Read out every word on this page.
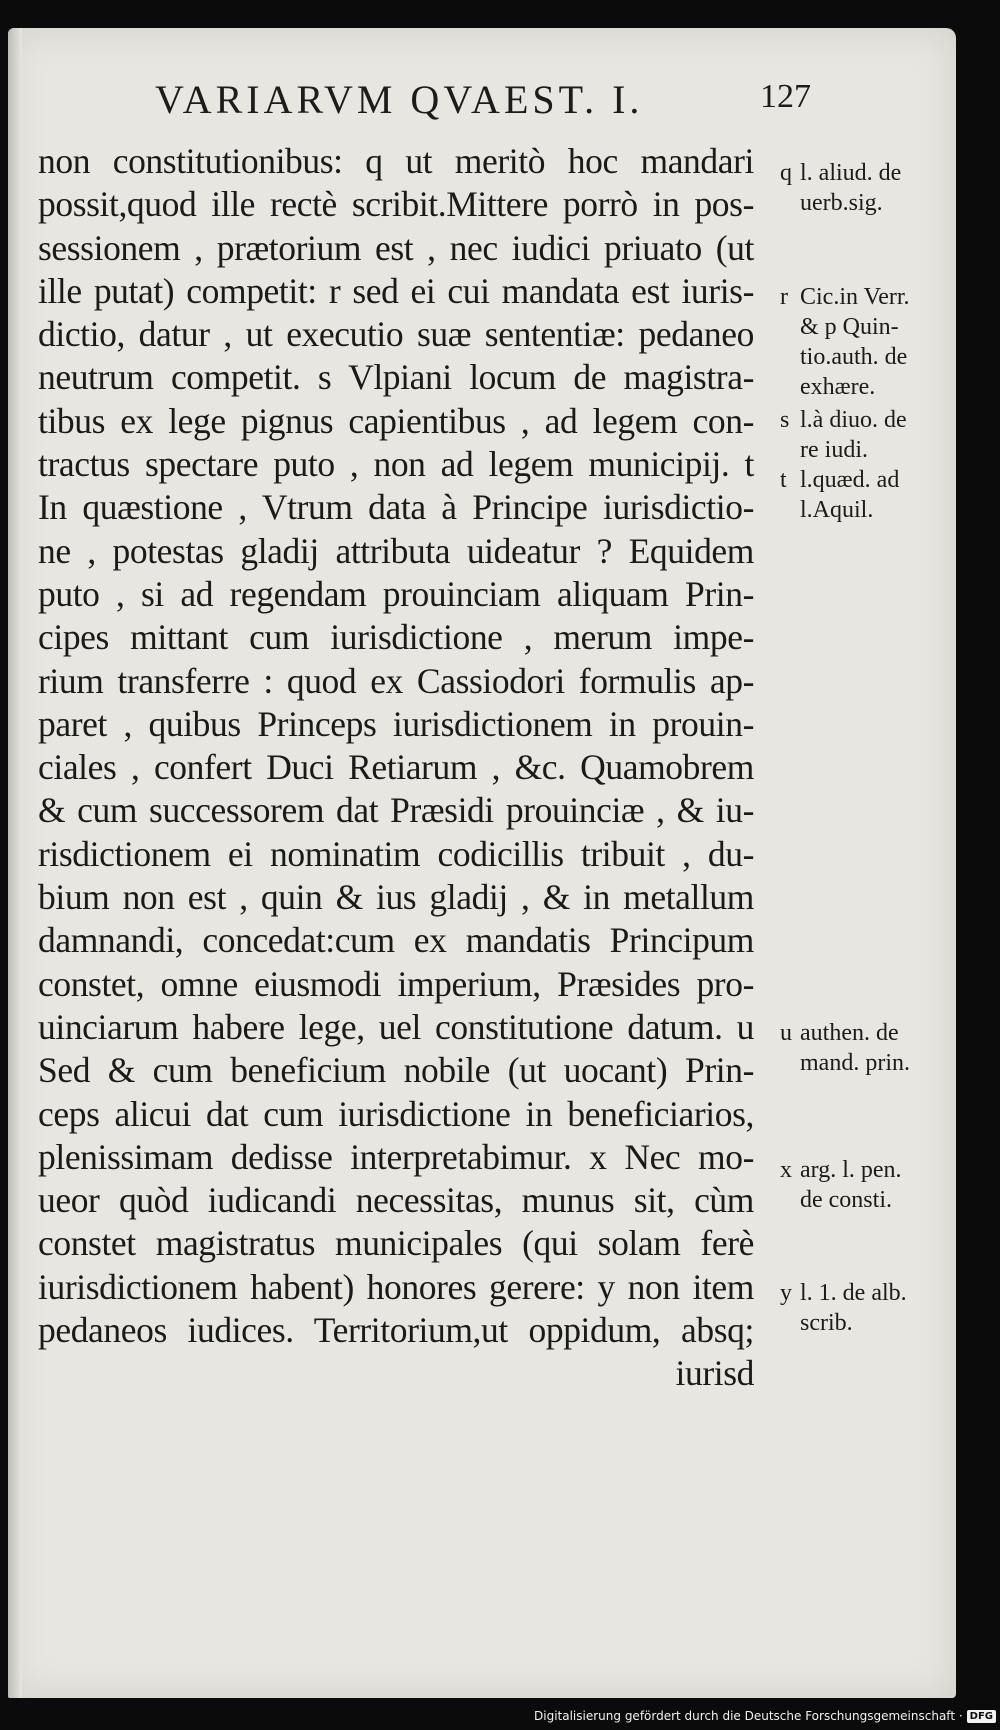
VARIARVM QVAEST. I.	127
non constitutionibus: q ut meritò hoc mandari
possit,quod ille rectè scribit.Mittere porrò in pos-
sessionem , prætorium est , nec iudici priuato (ut
ille putat) competit: r sed ei cui mandata est iuris-
dictio, datur , ut executio suæ sententiæ: pedaneo
neutrum competit. s Vlpiani locum de magistra-
tibus ex lege pignus capientibus , ad legem con-
tractus spectare puto , non ad legem municipij. t
In quæstione , Vtrum data à Principe iurisdictio-
ne , potestas gladij attributa uideatur ? Equidem
puto , si ad regendam prouinciam aliquam Prin-
cipes mittant cum iurisdictione , merum impe-
rium transferre : quod ex Cassiodori formulis ap-
paret , quibus Princeps iurisdictionem in prouin-
ciales , confert Duci Retiarum , &c. Quamobrem
& cum successorem dat Præsidi prouinciæ , & iu-
risdictionem ei nominatim codicillis tribuit , du-
bium non est , quin & ius gladij , & in metallum
damnandi, concedat:cum ex mandatis Principum
constet, omne eiusmodi imperium, Præsides pro-
uinciarum habere lege, uel constitutione datum. u
Sed & cum beneficium nobile (ut uocant) Prin-
ceps alicui dat cum iurisdictione in beneficiarios,
plenissimam dedisse interpretabimur. x Nec mo-
ueor quòd iudicandi necessitas, munus sit, cùm
constet magistratus municipales (qui solam ferè
iurisdictionem habent) honores gerere: y non item
pedaneos iudices. Territorium,ut oppidum, absq;
iurisd
q l. aliud. de
uerb.sig.
r Cic.in Verr.
& p Quin-
tio.auth. de
exhære.
s l.à diuo. de
re iudi.
t l.quæd. ad
l.Aquil.
u authen. de
mand. prin.
x arg. l. pen.
de consti.
y l. 1. de alb.
scrib.
Digitalisierung gefördert durch die Deutsche Forschungsgemeinschaft · DFG
